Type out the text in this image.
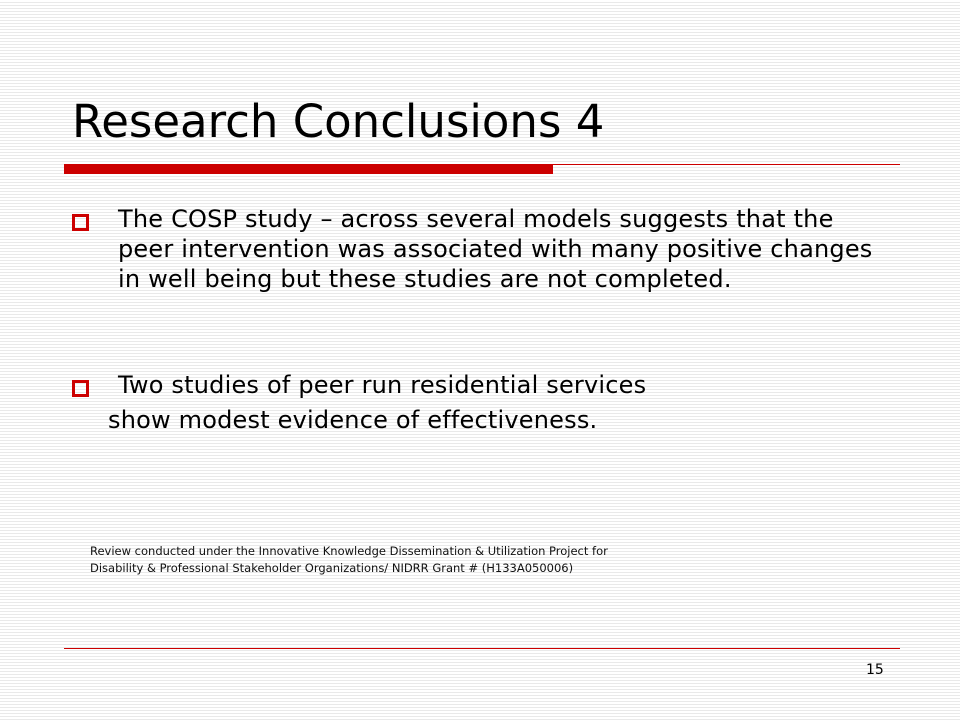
Research Conclusions 4
The COSP study – across several models suggests that the peer intervention was associated with many positive changes in well being but these studies are not completed.
Two studies of peer run residential services
show modest evidence of effectiveness.
Review conducted under the Innovative Knowledge Dissemination & Utilization Project for
Disability & Professional Stakeholder Organizations/ NIDRR Grant # (H133A050006)
15
